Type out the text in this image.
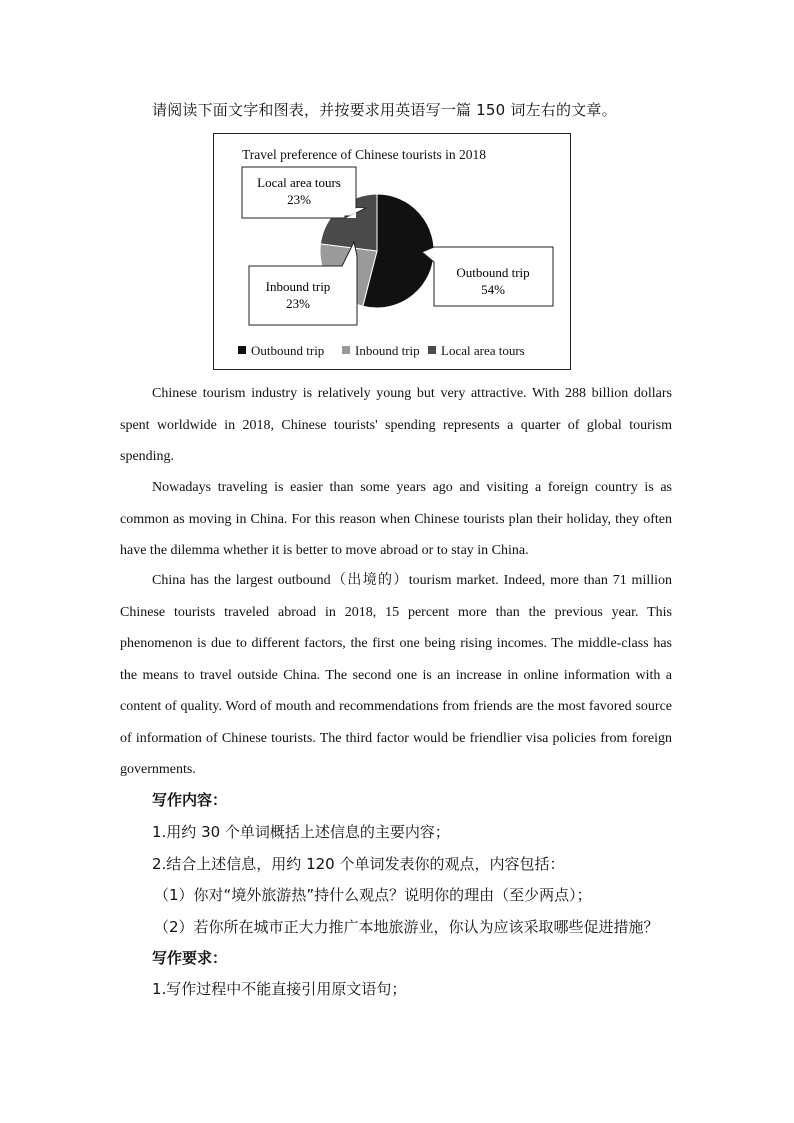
请阅读下面文字和图表，并按要求用英语写一篇 150 词左右的文章。
Travel preference of Chinese tourists in 2018
Local area tours
23%
Inbound trip
23%
Outbound trip
54%
Outbound trip Inbound trip Local area tours
Chinese tourism industry is relatively young but very attractive. With 288 billion dollars spent worldwide in 2018, Chinese tourists' spending represents a quarter of global tourism spending.
Nowadays traveling is easier than some years ago and visiting a foreign country is as common as moving in China. For this reason when Chinese tourists plan their holiday, they often have the dilemma whether it is better to move abroad or to stay in China.
China has the largest outbound（出境的）tourism market. Indeed, more than 71 million Chinese tourists traveled abroad in 2018, 15 percent more than the previous year. This phenomenon is due to different factors, the first one being rising incomes. The middle-class has the means to travel outside China. The second one is an increase in online information with a content of quality. Word of mouth and recommendations from friends are the most favored source of information of Chinese tourists. The third factor would be friendlier visa policies from foreign governments.
写作内容：
1.用约 30 个单词概括上述信息的主要内容；
2.结合上述信息，用约 120 个单词发表你的观点，内容包括：
（1）你对“境外旅游热”持什么观点？说明你的理由（至少两点）；
（2）若你所在城市正大力推广本地旅游业，你认为应该采取哪些促进措施？
写作要求：
1.写作过程中不能直接引用原文语句；
